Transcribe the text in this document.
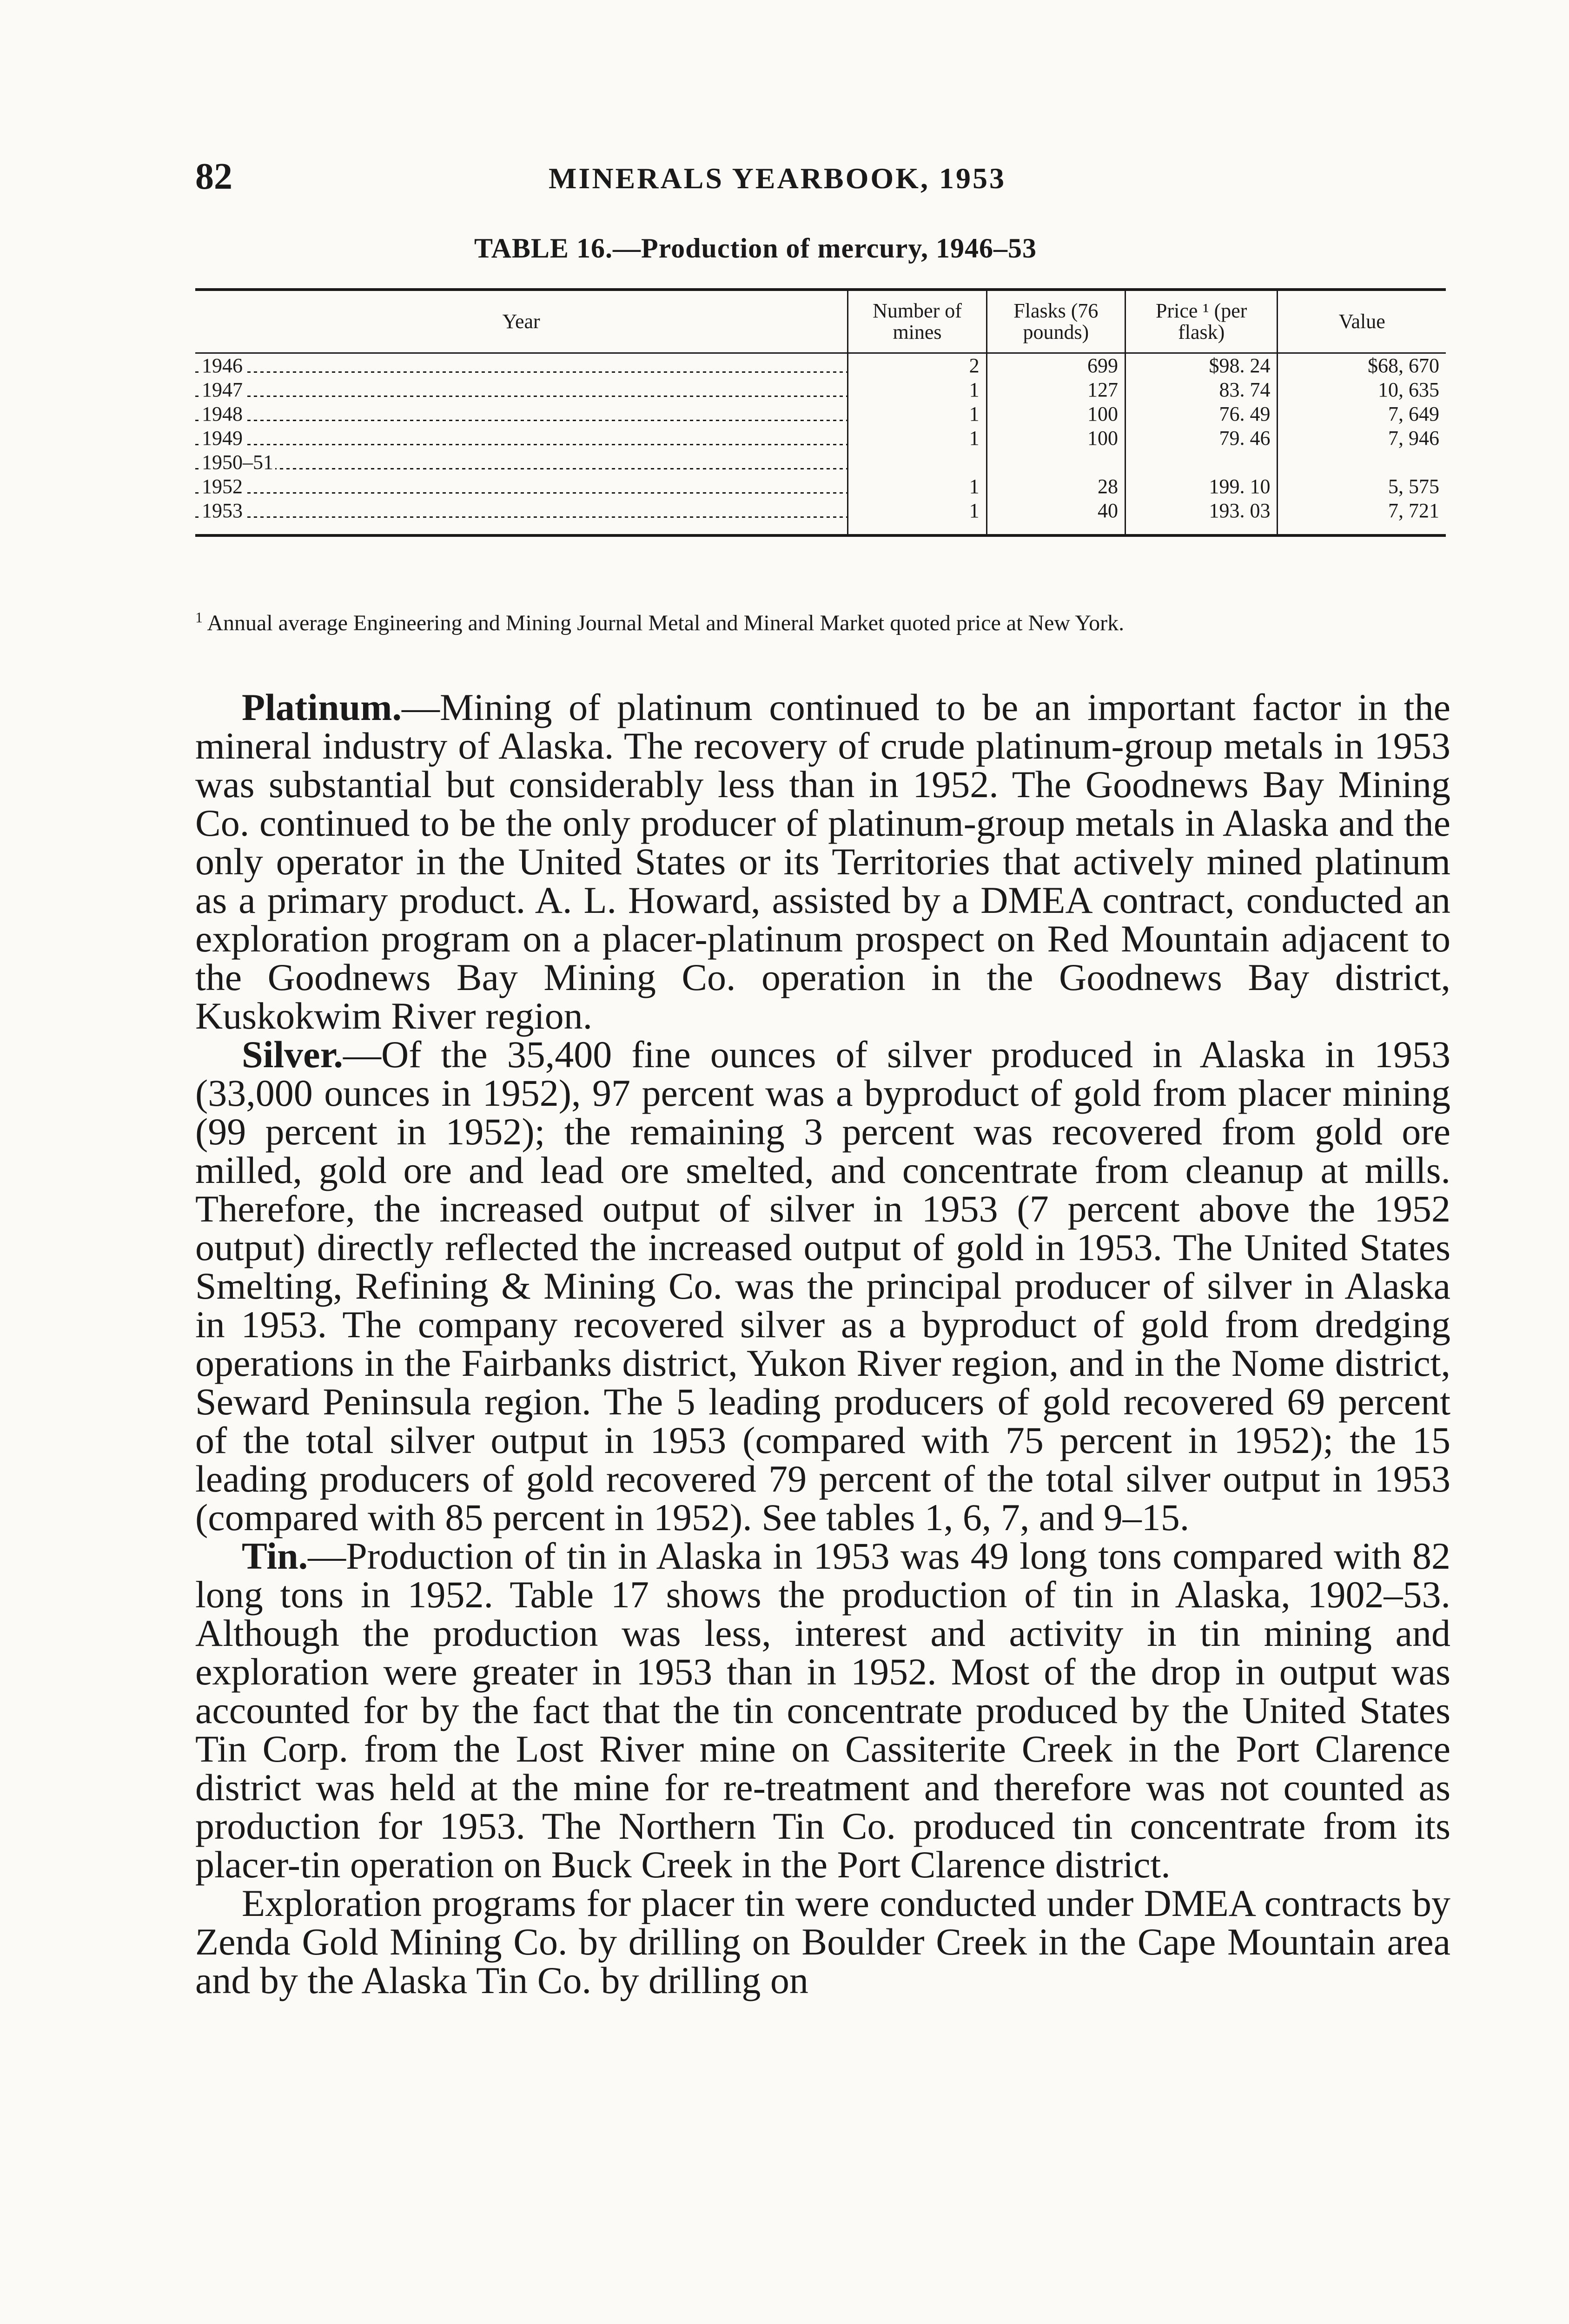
82	MINERALS YEARBOOK, 1953
TABLE 16.—Production of mercury, 1946–53
Year	Number of mines	Flasks (76 pounds)	Price ¹ (per flask)	Value

1946	2	699	$98. 24	$68, 670
1947	1	127	83. 74	10, 635
1948	1	100	76. 49	7, 649
1949	1	100	79. 46	7, 946
1950–51				
1952	1	28	199. 10	5, 575
1953	1	40	193. 03	7, 721
$^1$ Annual average Engineering and Mining Journal Metal and Mineral Market quoted price at New York.

Platinum.—Mining of platinum continued to be an important factor in the mineral industry of Alaska. The recovery of crude platinum-group metals in 1953 was substantial but considerably less than in 1952. The Goodnews Bay Mining Co. continued to be the only producer of platinum-group metals in Alaska and the only operator in the United States or its Territories that actively mined platinum as a primary product. A. L. Howard, assisted by a DMEA contract, conducted an exploration program on a placer-platinum prospect on Red Mountain adjacent to the Goodnews Bay Mining Co. operation in the Goodnews Bay district, Kuskokwim River region.

Silver.—Of the 35,400 fine ounces of silver produced in Alaska in 1953 (33,000 ounces in 1952), 97 percent was a byproduct of gold from placer mining (99 percent in 1952); the remaining 3 percent was recovered from gold ore milled, gold ore and lead ore smelted, and concentrate from cleanup at mills. Therefore, the increased output of silver in 1953 (7 percent above the 1952 output) directly reflected the increased output of gold in 1953. The United States Smelting, Refining & Mining Co. was the principal producer of silver in Alaska in 1953. The company recovered silver as a byproduct of gold from dredging operations in the Fairbanks district, Yukon River region, and in the Nome district, Seward Peninsula region. The 5 leading producers of gold recovered 69 percent of the total silver output in 1953 (compared with 75 percent in 1952); the 15 leading producers of gold recovered 79 percent of the total silver output in 1953 (compared with 85 percent in 1952). See tables 1, 6, 7, and 9–15.

Tin.—Production of tin in Alaska in 1953 was 49 long tons compared with 82 long tons in 1952. Table 17 shows the production of tin in Alaska, 1902–53. Although the production was less, interest and activity in tin mining and exploration were greater in 1953 than in 1952. Most of the drop in output was accounted for by the fact that the tin concentrate produced by the United States Tin Corp. from the Lost River mine on Cassiterite Creek in the Port Clarence district was held at the mine for re-treatment and therefore was not counted as production for 1953. The Northern Tin Co. produced tin concentrate from its placer-tin operation on Buck Creek in the Port Clarence district.

Exploration programs for placer tin were conducted under DMEA contracts by Zenda Gold Mining Co. by drilling on Boulder Creek in the Cape Mountain area and by the Alaska Tin Co. by drilling on
